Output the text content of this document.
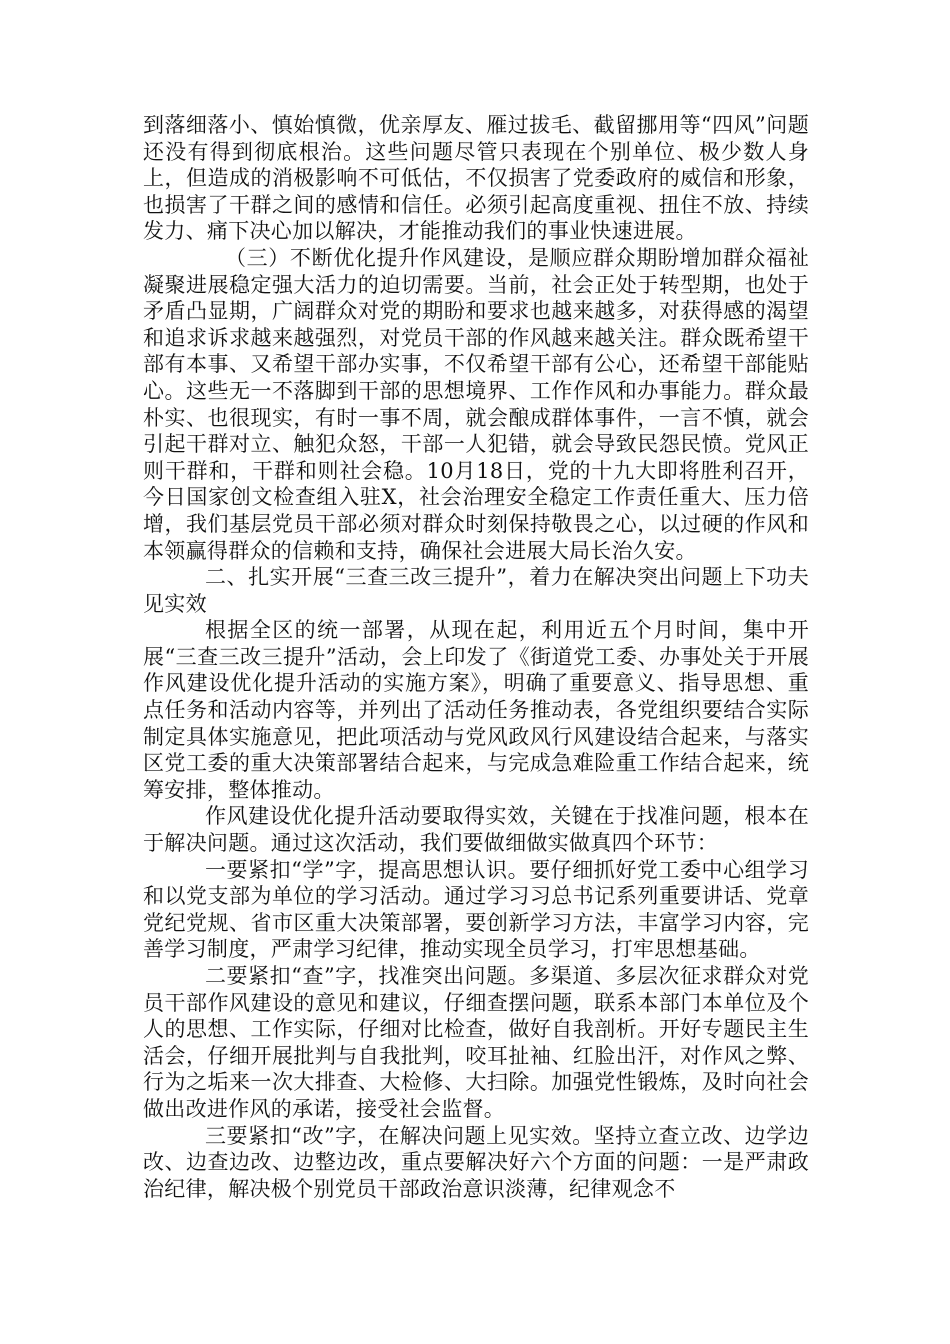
到落细落小、慎始慎微，优亲厚友、雁过拔毛、截留挪用等“四风”问题还没有得到彻底根治。这些问题尽管只表现在个别单位、极少数人身上，但造成的消极影响不可低估，不仅损害了党委政府的威信和形象，也损害了干群之间的感情和信任。必须引起高度重视、扭住不放、持续发力、痛下决心加以解决，才能推动我们的事业快速进展。

（三）不断优化提升作风建设，是顺应群众期盼增加群众福祉凝聚进展稳定强大活力的迫切需要。当前，社会正处于转型期，也处于矛盾凸显期，广阔群众对党的期盼和要求也越来越多，对获得感的渴望和追求诉求越来越强烈，对党员干部的作风越来越关注。群众既希望干部有本事、又希望干部办实事，不仅希望干部有公心，还希望干部能贴心。这些无一不落脚到干部的思想境界、工作作风和办事能力。群众最朴实、也很现实，有时一事不周，就会酿成群体事件，一言不慎，就会引起干群对立、触犯众怒，干部一人犯错，就会导致民怨民愤。党风正则干群和，干群和则社会稳。10月18日，党的十九大即将胜利召开，今日国家创文检查组入驻X，社会治理安全稳定工作责任重大、压力倍增，我们基层党员干部必须对群众时刻保持敬畏之心，以过硬的作风和本领赢得群众的信赖和支持，确保社会进展大局长治久安。

二、扎实开展“三查三改三提升”，着力在解决突出问题上下功夫见实效

根据全区的统一部署，从现在起，利用近五个月时间，集中开展“三查三改三提升”活动，会上印发了《街道党工委、办事处关于开展作风建设优化提升活动的实施方案》，明确了重要意义、指导思想、重点任务和活动内容等，并列出了活动任务推动表，各党组织要结合实际制定具体实施意见，把此项活动与党风政风行风建设结合起来，与落实区党工委的重大决策部署结合起来，与完成急难险重工作结合起来，统筹安排，整体推动。

作风建设优化提升活动要取得实效，关键在于找准问题，根本在于解决问题。通过这次活动，我们要做细做实做真四个环节：

一要紧扣“学”字，提高思想认识。要仔细抓好党工委中心组学习和以党支部为单位的学习活动。通过学习习总书记系列重要讲话、党章党纪党规、省市区重大决策部署，要创新学习方法，丰富学习内容，完善学习制度，严肃学习纪律，推动实现全员学习，打牢思想基础。

二要紧扣“查”字，找准突出问题。多渠道、多层次征求群众对党员干部作风建设的意见和建议，仔细查摆问题，联系本部门本单位及个人的思想、工作实际，仔细对比检查，做好自我剖析。开好专题民主生活会，仔细开展批判与自我批判，咬耳扯袖、红脸出汗，对作风之弊、行为之垢来一次大排查、大检修、大扫除。加强党性锻炼，及时向社会做出改进作风的承诺，接受社会监督。

三要紧扣“改”字，在解决问题上见实效。坚持立查立改、边学边改、边查边改、边整边改，重点要解决好六个方面的问题：一是严肃政治纪律，解决极个别党员干部政治意识淡薄，纪律观念不
